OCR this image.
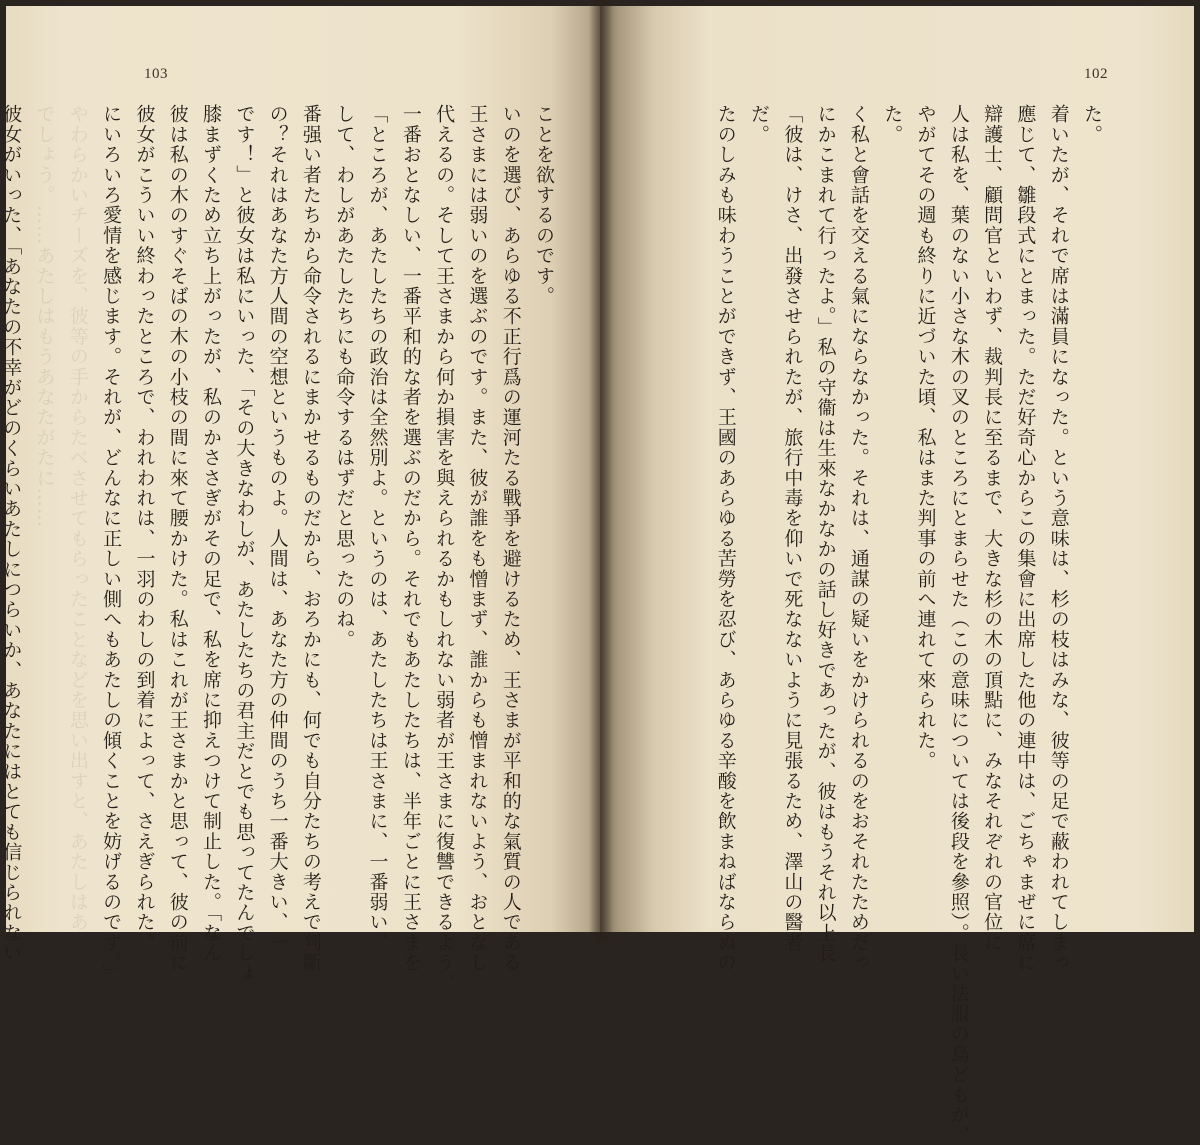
103
ことを欲するのです。
いのを選び、あらゆる不正行爲の運河たる戰爭を避けるため、王さまが平和的な氣質の人である
王さまには弱いのを選ぶのです。また、彼が誰をも憎まず、誰からも憎まれないよう、おとなし
代えるの。そして王さまから何か損害を與えられるかもしれない弱者が王さまに復讐できるよう、
一番おとなしい、一番平和的な者を選ぶのだから。それでもあたしたちは、半年ごとに王さまを
「ところが、あたしたちの政治は全然別よ。というのは、あたしたちは王さまに、一番弱い、
して、わしがあたしたちにも命令するはずだと思ったのね。
番强い者たちから命令されるにまかせるものだから、おろかにも、何でも自分たちの考えで判斷
の？それはあなた方人間の空想というものよ。人間は、あなた方の仲間のうち一番大きい、一
です！」と彼女は私にいった、「その大きなわしが、あたしたちの君主だとでも思ってたんでしょ
膝まずくため立ち上がったが、私のかささぎがその足で、私を席に抑えつけて制止した。「なん
彼は私の木のすぐそばの木の小枝の間に來て腰かけた。私はこれが王さまかと思って、彼の前に
彼女がこういい終わったところで、われわれは、一羽のわしの到着によって、さえぎられた。
にいろいろ愛情を感じます。それが、どんなに正しい側へもあたしの傾くことを妨げるのです。」
やわらかいチーズを、彼等の手からたべさせてもらったことなどを思い出すと、あたしはあなた
でしょう。……あたしはもうあなたがたに……
彼女がいった、「あなたの不幸がどのくらいあたしにつらいか、あなたにはとても信じられない
102
た。
着いたが、それで席は滿員になった。という意味は、杉の枝はみな、彼等の足で蔽われてしまっ
應じて、雛段式にとまった。ただ好奇心からこの集會に出席した他の連中は、ごちゃまぜに席に
辯護士、顧問官といわず、裁判長に至るまで、大きな杉の木の頂點に、みなそれぞれの官位に
人は私を、葉のない小さな木の叉のところにとまらせた（この意味については後段を參照）。長い法服の鳥どもが、
やがてその週も終りに近づいた頃、私はまた判事の前へ連れて來られた。
た。
く私と會話を交える氣にならなかった。それは、通謀の疑いをかけられるのをおそれたためだっ
にかこまれて行ったよ。」私の守衞は生來なかなかの話し好きであったが、彼はもうそれ以上長
「彼は、けさ、出發させられたが、旅行中毒を仰いで死なないように見張るため、澤山の醫者
だ。
たのしみも味わうことができず、王國のあらゆる苦勞を忍び、あらゆる辛酸を飲まねばならぬの
